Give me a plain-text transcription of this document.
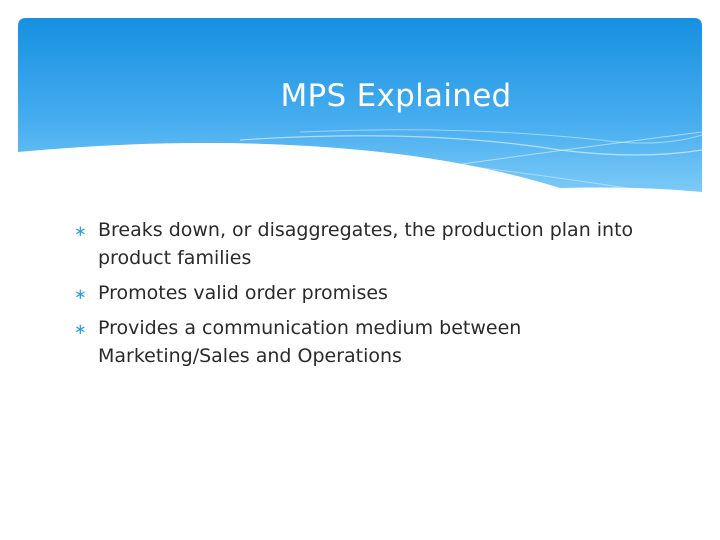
MPS Explained
∗ Breaks down, or disaggregates, the production plan into product families
∗ Promotes valid order promises
∗ Provides a communication medium between Marketing/Sales and Operations
